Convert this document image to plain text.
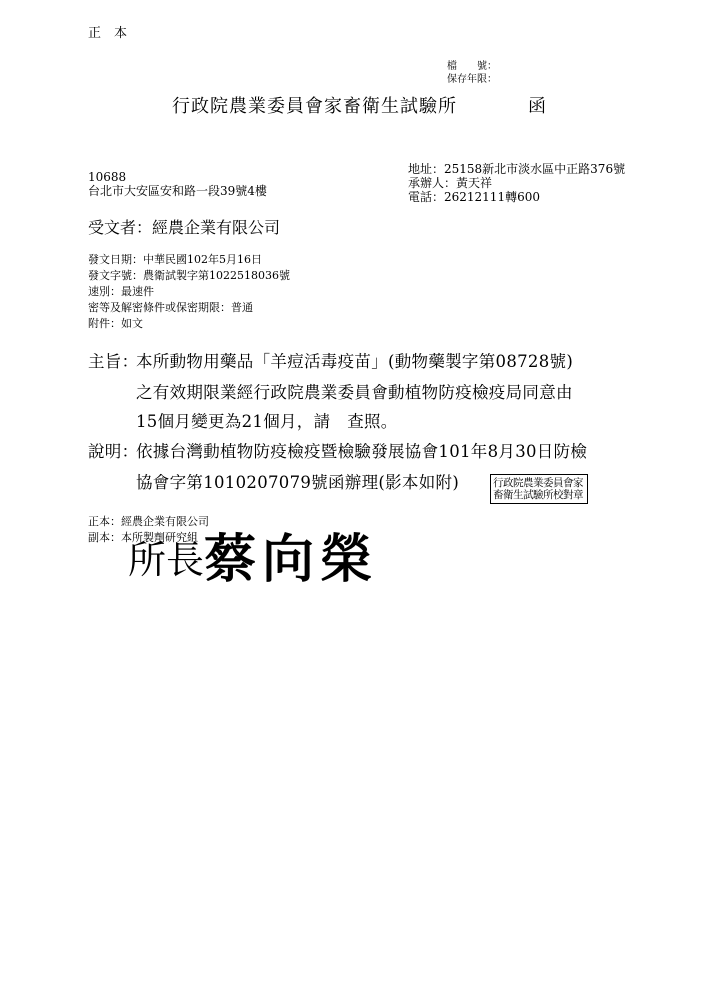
正　本
檔　　號：
保存年限：
行政院農業委員會家畜衛生試驗所	函
10688
台北市大安區安和路一段39號4樓
地址：25158新北市淡水區中正路376號
承辦人：黃天祥
電話：26212111轉600
受文者：經農企業有限公司
發文日期：中華民國102年5月16日
發文字號：農衛試製字第1022518036號
速別：最速件
密等及解密條件或保密期限：普通
附件：如文
主旨：
本所動物用藥品「羊痘活毒疫苗」(動物藥製字第08728號)
之有效期限業經行政院農業委員會動植物防疫檢疫局同意由
15個月變更為21個月，請　查照。
說明：
依據台灣動植物防疫檢疫暨檢驗發展協會101年8月30日防檢
協會字第1010207079號函辦理(影本如附)	行政院農業委員會家
畜衛生試驗所校對章
正本：經農企業有限公司
副本：本所製劑研究組
所長蔡向榮
